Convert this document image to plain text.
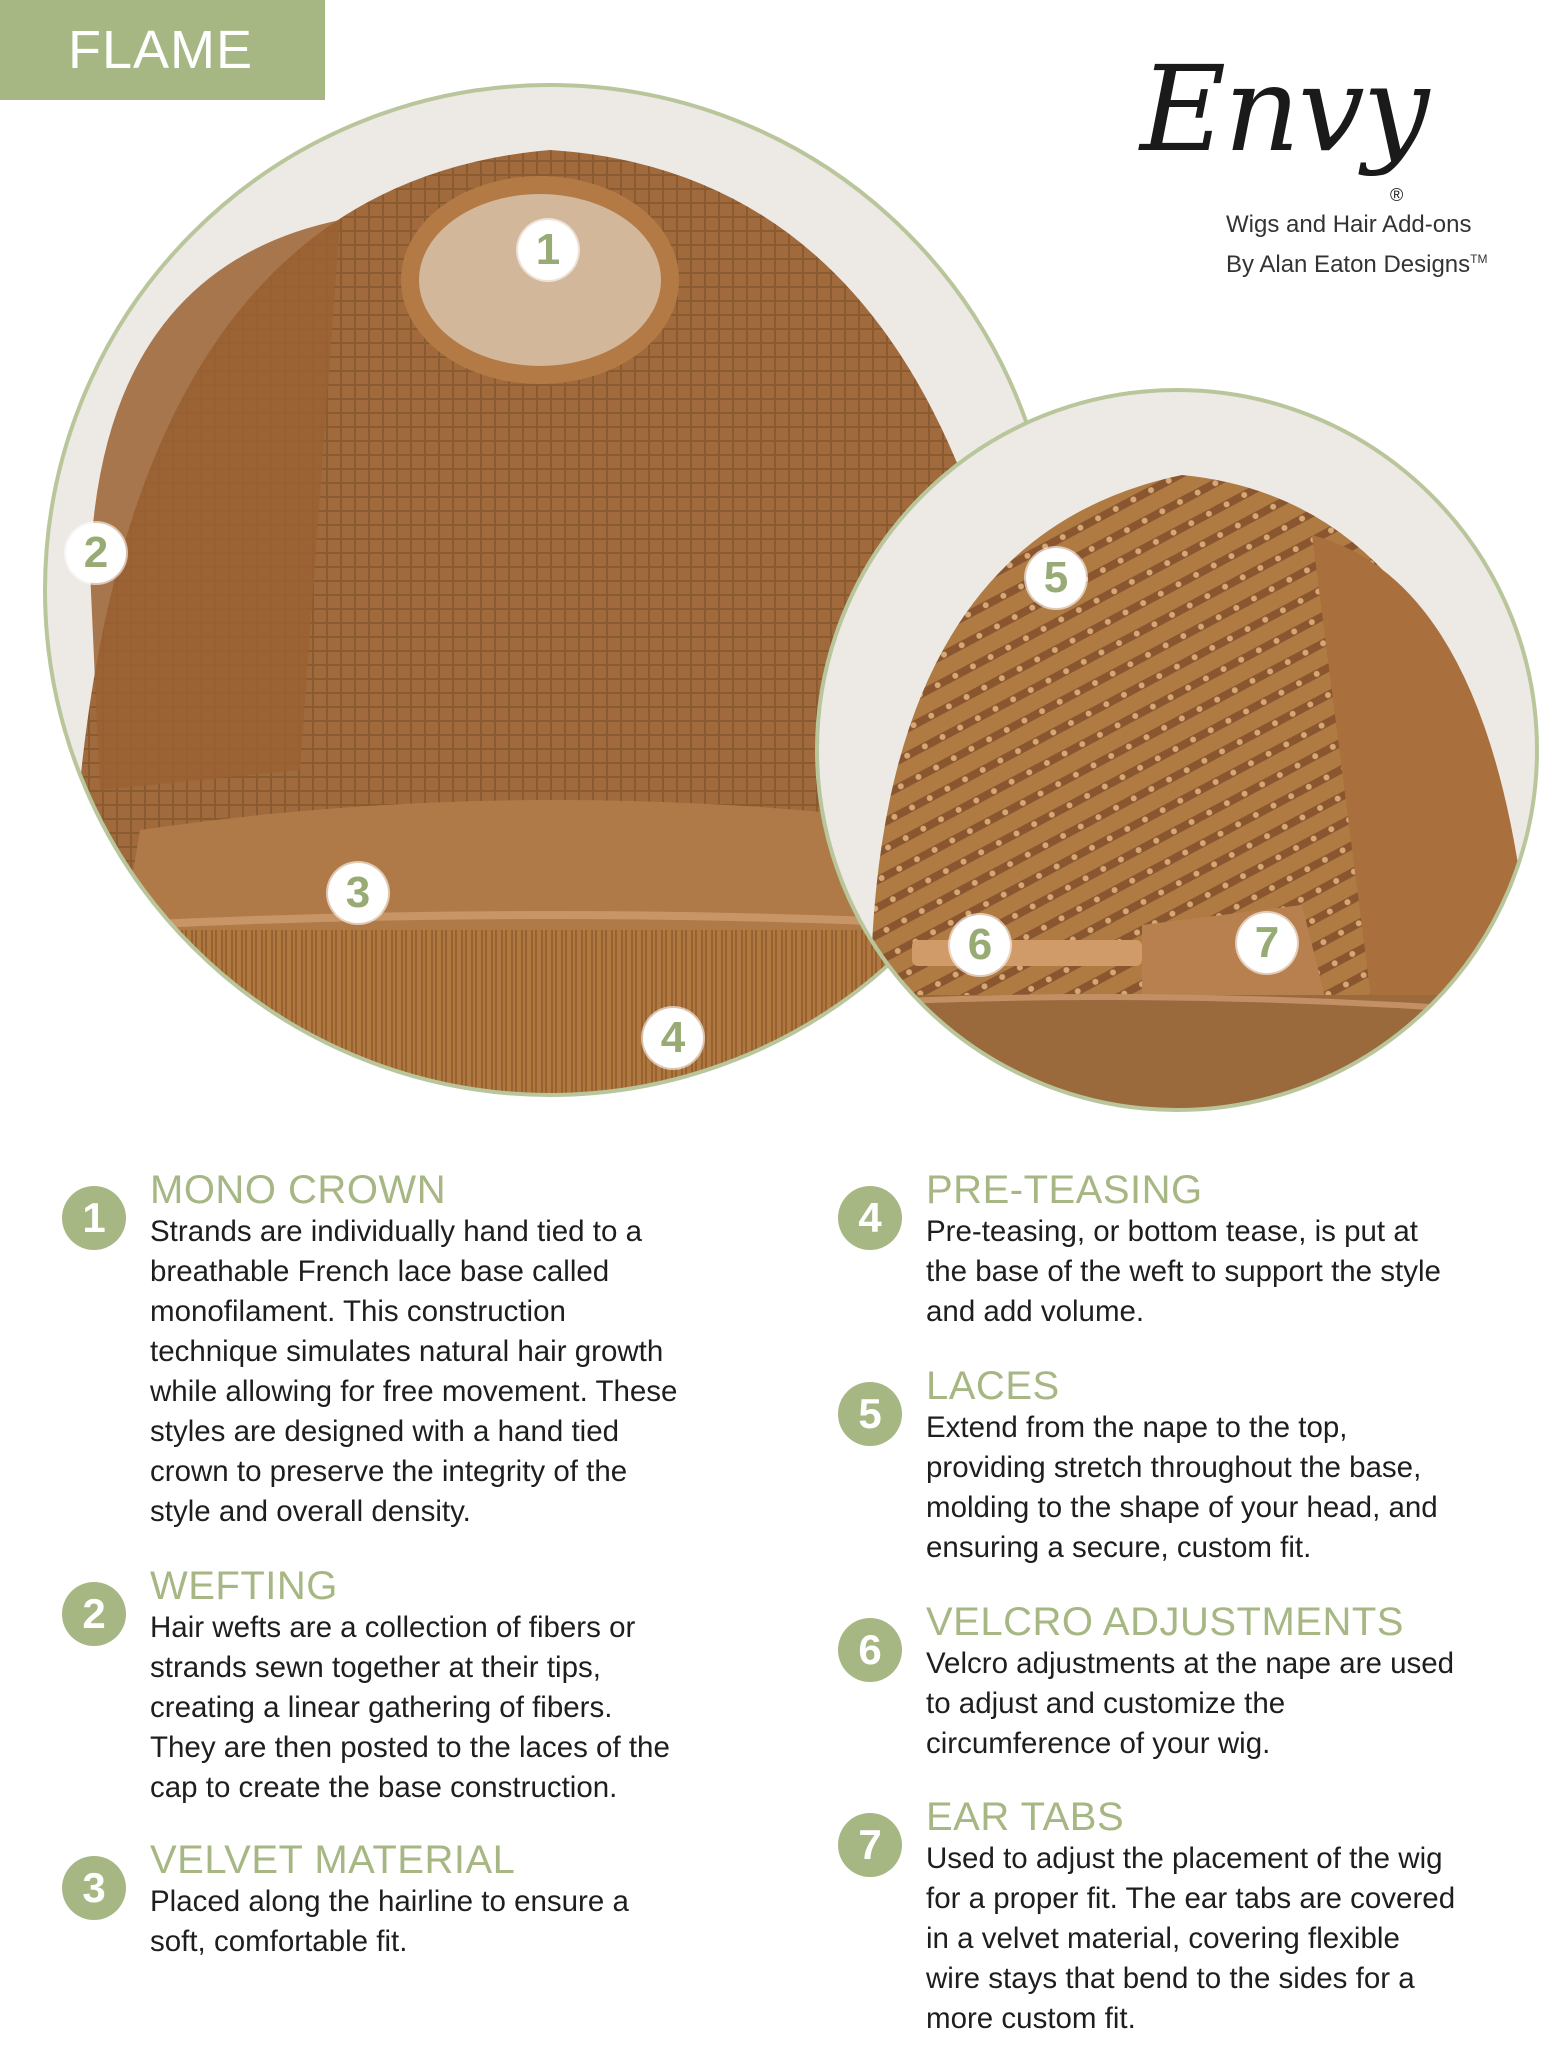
FLAME	Envy
®
Wigs and Hair Add-ons
By Alan Eaton Designs™
1
2
3
4
5
6	7
1
MONO CROWN

Strands are individually hand tied to a breathable French lace base called monofilament. This construction technique simulates natural hair growth while allowing for free movement. These styles are designed with a hand tied crown to preserve the integrity of the style and overall density.

2
WEFTING

Hair wefts are a collection of fibers or strands sewn together at their tips, creating a linear gathering of fibers. They are then posted to the laces of the cap to create the base construction.

3
VELVET MATERIAL

Placed along the hairline to ensure a soft, comfortable fit.

4
PRE-TEASING

Pre-teasing, or bottom tease, is put at the base of the weft to support the style and add volume.

5
LACES

Extend from the nape to the top, providing stretch throughout the base, molding to the shape of your head, and ensuring a secure, custom fit.

6
VELCRO ADJUSTMENTS

Velcro adjustments at the nape are used to adjust and customize the circumference of your wig.

7
EAR TABS

Used to adjust the placement of the wig for a proper fit. The ear tabs are covered in a velvet material, covering flexible wire stays that bend to the sides for a more custom fit.
